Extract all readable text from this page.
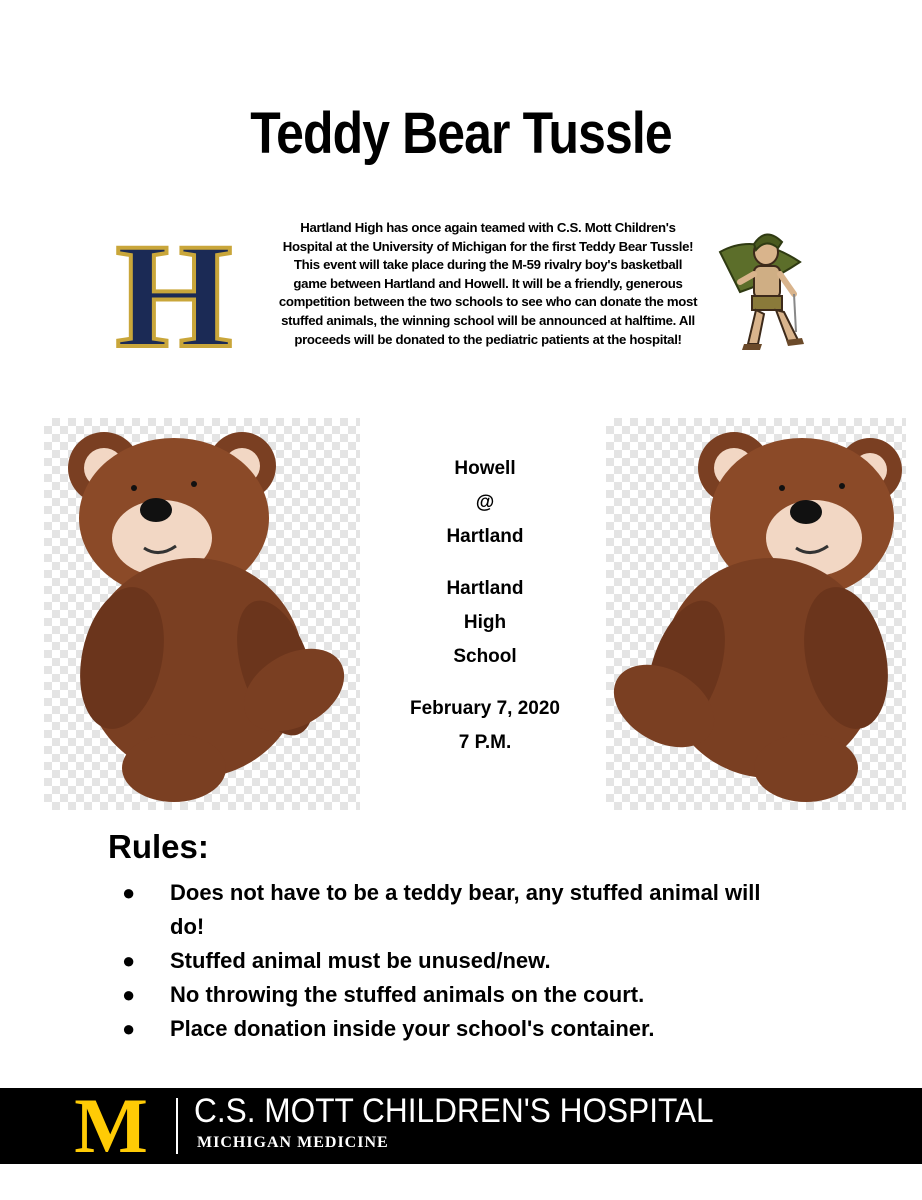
Teddy Bear Tussle
H	Hartland High has once again teamed with C.S. Mott Children's Hospital at the University of Michigan for the first Teddy Bear Tussle! This event will take place during the M-59 rivalry boy's basketball game between Hartland and Howell. It will be a friendly, generous competition between the two schools to see who can donate the most stuffed animals, the winning school will be announced at halftime. All proceeds will be donated to the pediatric patients at the hospital!
Howell
@
Hartland
Hartland
High
School
February 7, 2020
7 P.M.
Rules:
● Does not have to be a teddy bear, any stuffed animal will do!
● Stuffed animal must be unused/new.
● No throwing the stuffed animals on the court.
● Place donation inside your school's container.
M C.S. MOTT CHILDREN'S HOSPITAL
MICHIGAN MEDICINE
